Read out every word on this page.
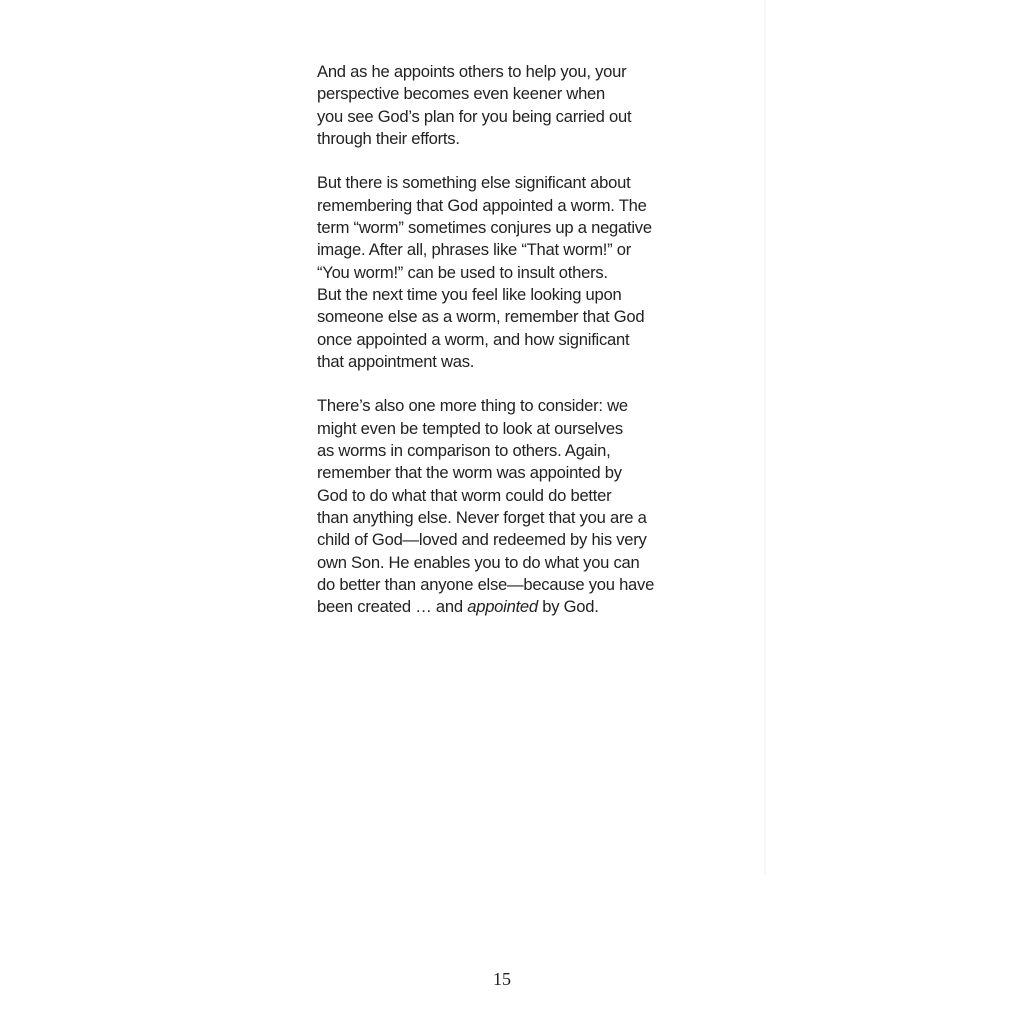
And as he appoints others to help you, your
perspective becomes even keener when
you see God’s plan for you being carried out
through their efforts.

But there is something else significant about
remembering that God appointed a worm. The
term “worm” sometimes conjures up a negative
image. After all, phrases like “That worm!” or
“You worm!” can be used to insult others.
But the next time you feel like looking upon
someone else as a worm, remember that God
once appointed a worm, and how significant
that appointment was.

There’s also one more thing to consider: we
might even be tempted to look at ourselves
as worms in comparison to others. Again,
remember that the worm was appointed by
God to do what that worm could do better
than anything else. Never forget that you are a
child of God—loved and redeemed by his very
own Son. He enables you to do what you can
do better than anyone else—because you have
been created … and appointed by God.

15
